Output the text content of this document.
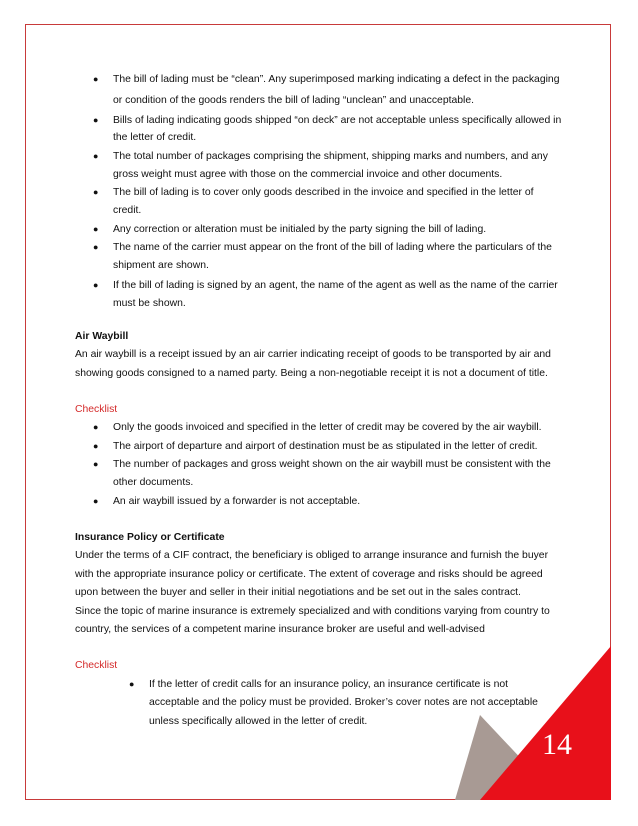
● The bill of lading must be “clean”. Any superimposed marking indicating a defect in the packaging
or condition of the goods renders the bill of lading “unclean” and unacceptable.
● Bills of lading indicating goods shipped “on deck” are not acceptable unless specifically allowed in
the letter of credit.
● The total number of packages comprising the shipment, shipping marks and numbers, and any
gross weight must agree with those on the commercial invoice and other documents.
● The bill of lading is to cover only goods described in the invoice and specified in the letter of
credit.
● Any correction or alteration must be initialed by the party signing the bill of lading.
● The name of the carrier must appear on the front of the bill of lading where the particulars of the
shipment are shown.
● If the bill of lading is signed by an agent, the name of the agent as well as the name of the carrier
must be shown.
Air Waybill
An air waybill is a receipt issued by an air carrier indicating receipt of goods to be transported by air and
showing goods consigned to a named party. Being a non-negotiable receipt it is not a document of title.
Checklist
● Only the goods invoiced and specified in the letter of credit may be covered by the air waybill.
● The airport of departure and airport of destination must be as stipulated in the letter of credit.
● The number of packages and gross weight shown on the air waybill must be consistent with the
other documents.
● An air waybill issued by a forwarder is not acceptable.
Insurance Policy or Certificate
Under the terms of a CIF contract, the beneficiary is obliged to arrange insurance and furnish the buyer
with the appropriate insurance policy or certificate. The extent of coverage and risks should be agreed
upon between the buyer and seller in their initial negotiations and be set out in the sales contract.
Since the topic of marine insurance is extremely specialized and with conditions varying from country to
country, the services of a competent marine insurance broker are useful and well-advised
Checklist
● If the letter of credit calls for an insurance policy, an insurance certificate is not
acceptable and the policy must be provided. Broker’s cover notes are not acceptable
unless specifically allowed in the letter of credit.
14
